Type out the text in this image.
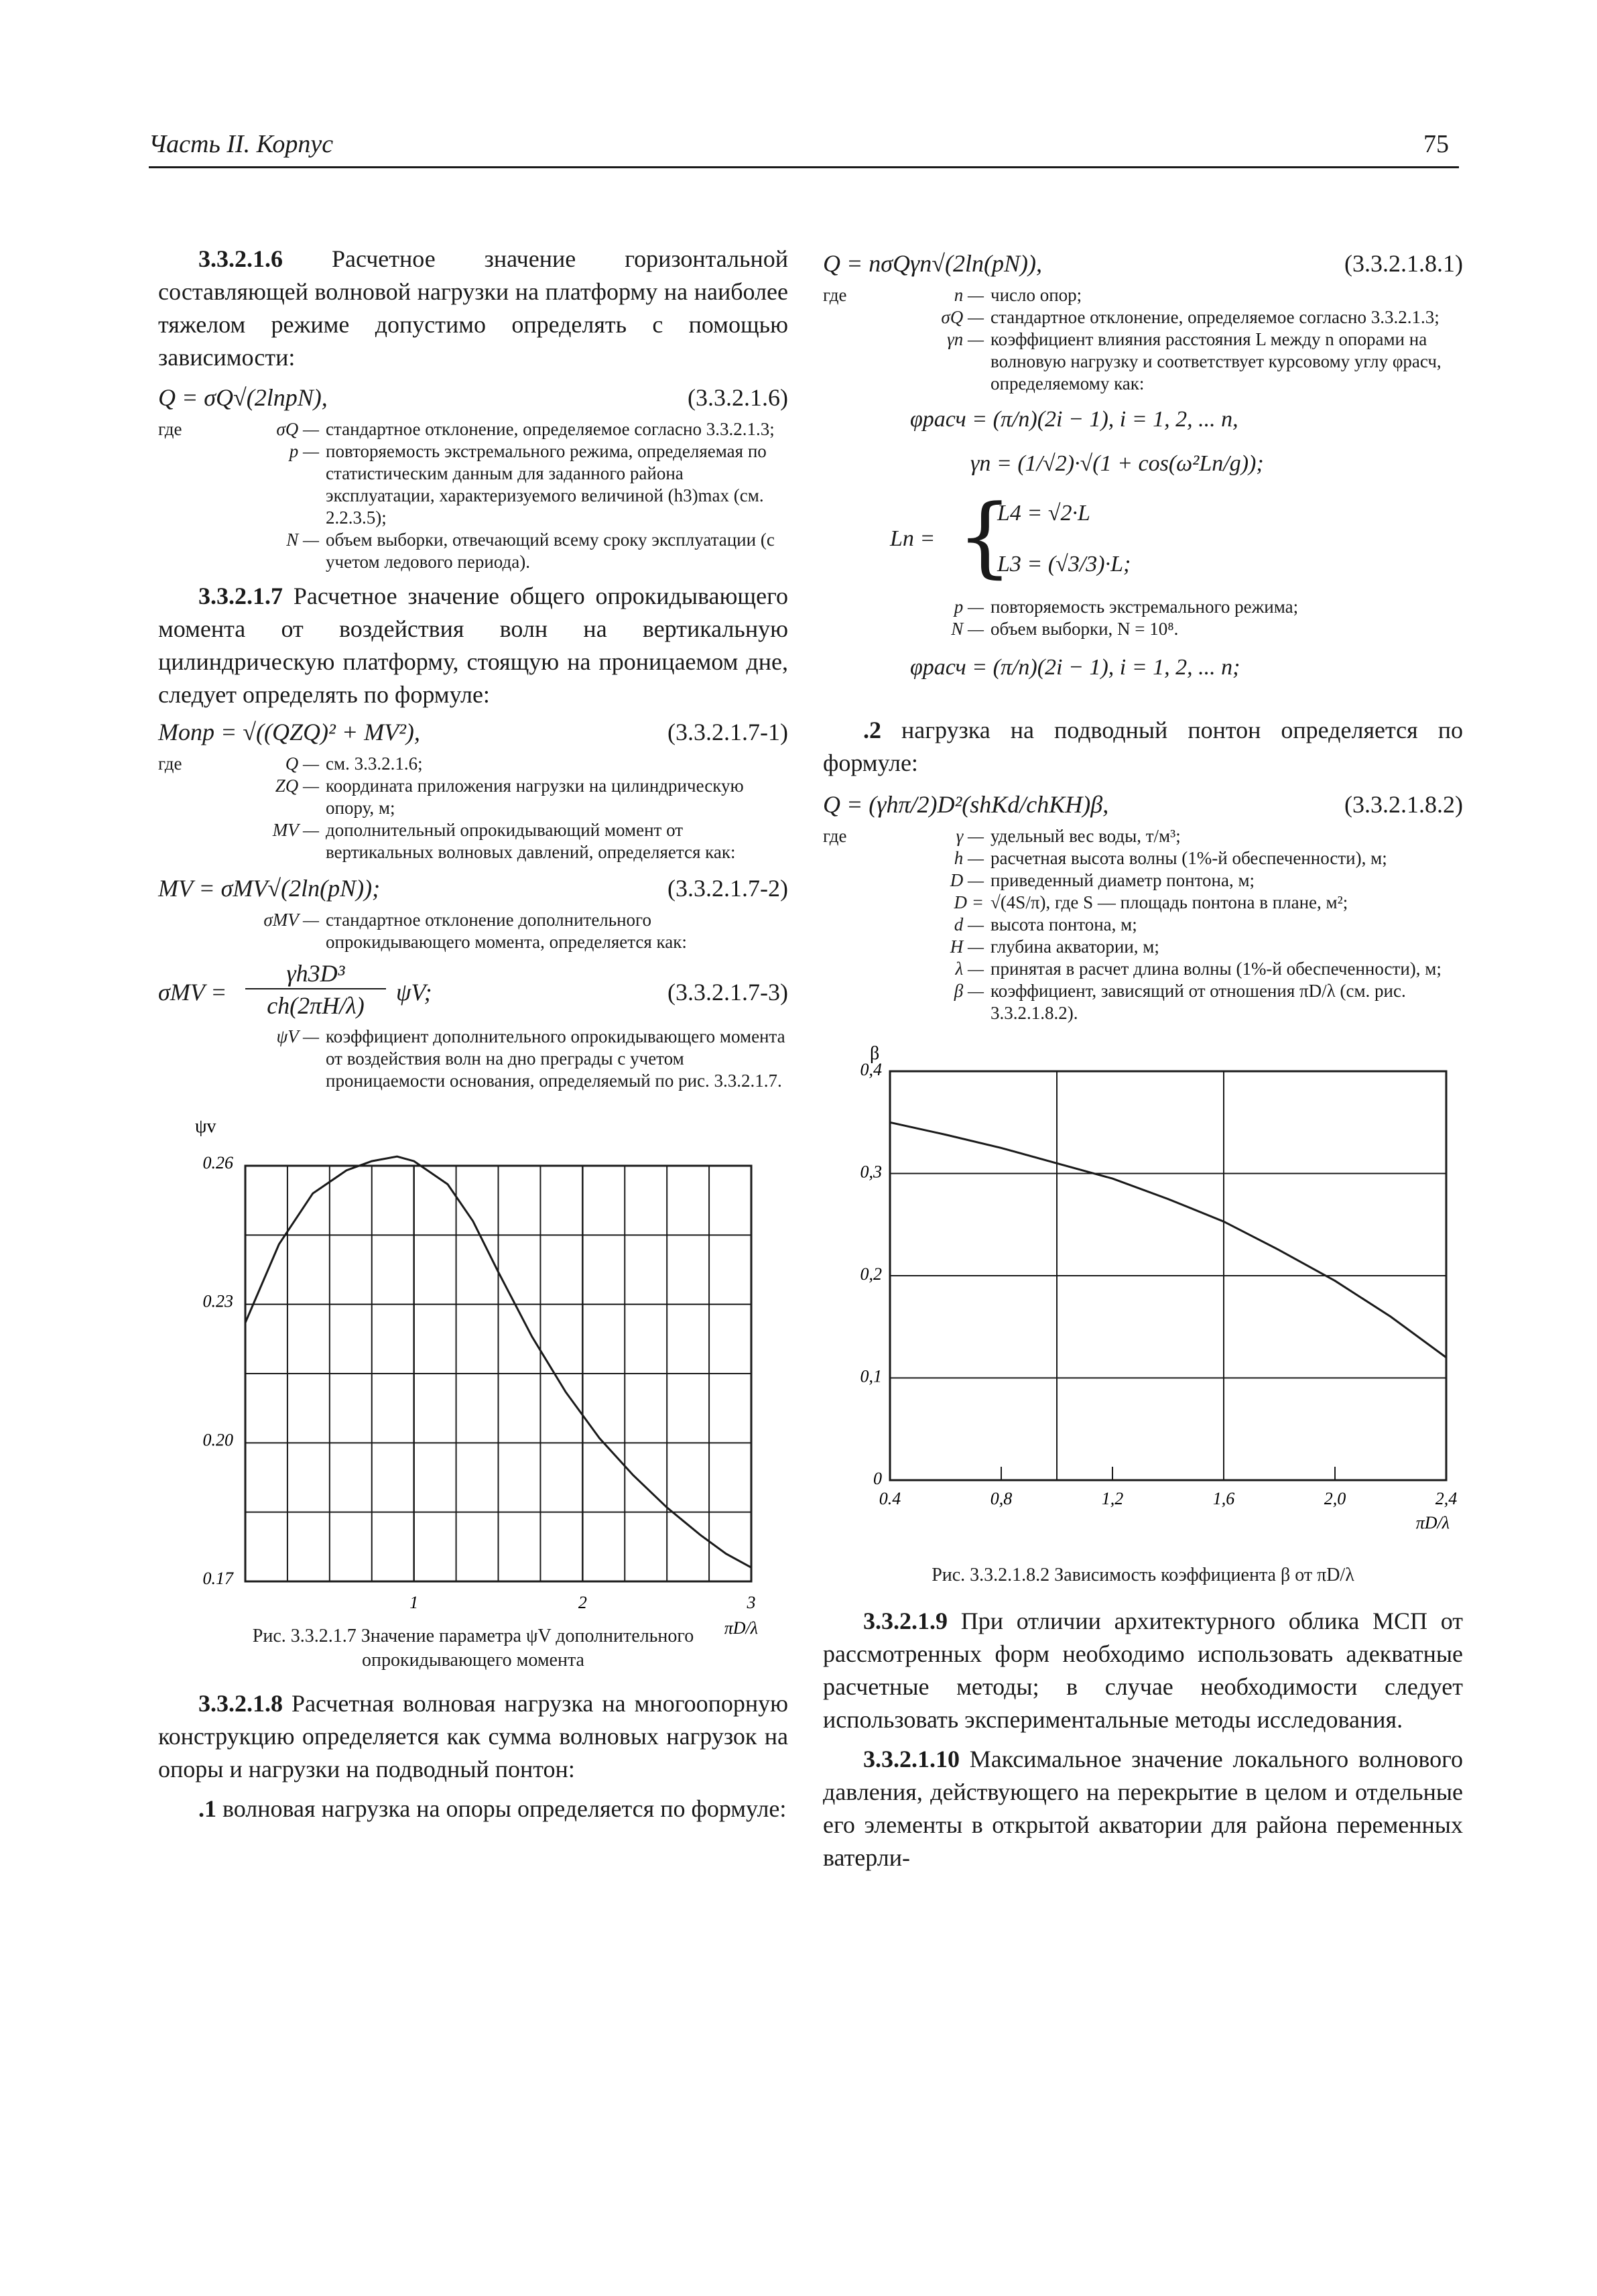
Часть II. Корпус	75

3.3.2.1.6 Расчетное значение горизонтальной составляющей волновой нагрузки на платформу на наиболее тяжелом режиме допустимо определять с помощью зависимости:

Q = σQ√(2lnpN),	(3.3.2.1.6)
где	σQ — стандартное отклонение, определяемое согласно 3.3.2.1.3;
p — повторяемость экстремального режима, определяемая по статистическим данным для заданного района эксплуатации, характеризуемого величиной (h3)max (см. 2.2.3.5);
N — объем выборки, отвечающий всему сроку эксплуатации (с учетом ледового периода).

3.3.2.1.7 Расчетное значение общего опрокидывающего момента от воздействия волн на вертикальную цилиндрическую платформу, стоящую на проницаемом дне, следует определять по формуле:

Mопр = √((QZQ)² + MV²),	(3.3.2.1.7-1)
где	Q — см. 3.3.2.1.6;
ZQ — координата приложения нагрузки на цилиндрическую опору, м;
MV — дополнительный опрокидывающий момент от вертикальных волновых давлений, определяется как:
MV = σMV√(2ln(pN));	(3.3.2.1.7-2)
σMV — стандартное отклонение дополнительного опрокидывающего момента, определяется как:
σMV =
γh3D³
ch(2πH/λ)	ψV;	(3.3.2.1.7-3)
ψV — коэффициент дополнительного опрокидывающего момента от воздействия волн на дно преграды с учетом проницаемости основания, определяемый по рис. 3.3.2.1.7.
ψv
0.26
0.23
0.20
0.17
1	2	3
πD/λ
Рис. 3.3.2.1.7 Значение параметра ψV дополнительного опрокидывающего момента

3.3.2.1.8 Расчетная волновая нагрузка на многоопорную конструкцию определяется как сумма волновых нагрузок на опоры и нагрузки на подводный понтон:

.1 волновая нагрузка на опоры определяется по формуле:

Q = nσQγn√(2ln(pN)),	(3.3.2.1.8.1)
где	n — число опор;
σQ — стандартное отклонение, определяемое согласно 3.3.2.1.3;
γn — коэффициент влияния расстояния L между n опорами на волновую нагрузку и соответствует курсовому углу φрасч, определяемому как:
φрасч = (π/n)(2i − 1), i = 1, 2, ... n,
γn = (1/√2)·√(1 + cos(ω²Ln/g));
Ln = {
L4 = √2·L
L3 = (√3/3)·L;
p — повторяемость экстремального режима;
N — объем выборки, N = 10⁸.
φрасч = (π/n)(2i − 1), i = 1, 2, ... n;

.2 нагрузка на подводный понтон определяется по формуле:

Q = (γhπ/2)D²(shKd/chKH)β,	(3.3.2.1.8.2)
где	γ — удельный вес воды, т/м³;
h — расчетная высота волны (1%-й обеспеченности), м;
D — приведенный диаметр понтона, м;
D = √(4S/π), где S — площадь понтона в плане, м²;
d — высота понтона, м;
H — глубина акватории, м;
λ — принятая в расчет длина волны (1%-й обеспеченности), м;
β — коэффициент, зависящий от отношения πD/λ (см. рис. 3.3.2.1.8.2).
β
0,4
0,3
0,2
0,1
0
0.4	0,8	1,2	1,6	2,0	2,4
πD/λ
Рис. 3.3.2.1.8.2 Зависимость коэффициента β от πD/λ

3.3.2.1.9 При отличии архитектурного облика МСП от рассмотренных форм необходимо использовать адекватные расчетные методы; в случае необходимости следует использовать экспериментальные методы исследования.

3.3.2.1.10 Максимальное значение локального волнового давления, действующего на перекрытие в целом и отдельные его элементы в открытой акватории для района переменных ватерли-
